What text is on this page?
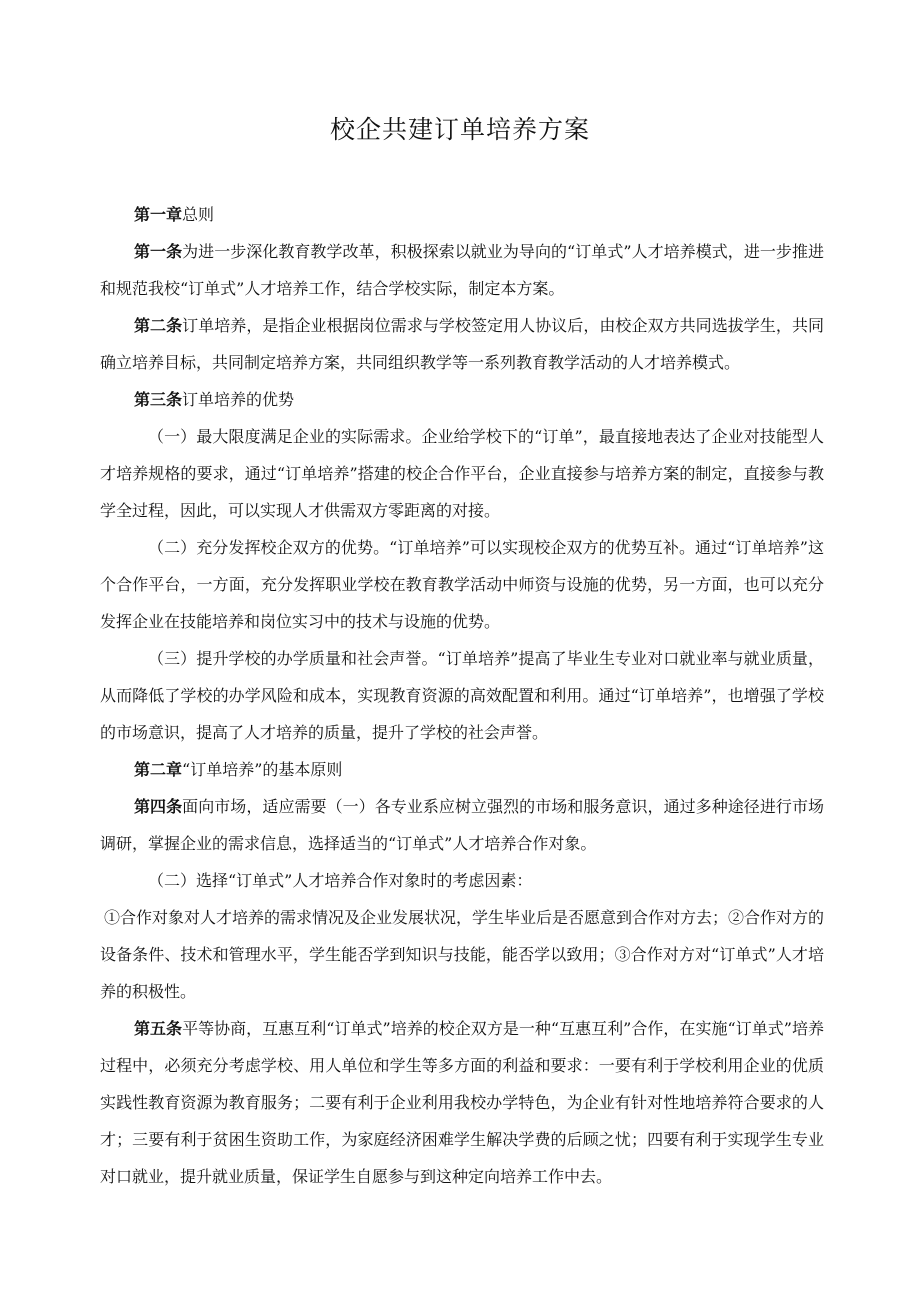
校企共建订单培养方案

第一章总则

第一条为进一步深化教育教学改革，积极探索以就业为导向的“订单式”人才培养模式，进一步推进和规范我校“订单式”人才培养工作，结合学校实际，制定本方案。

第二条订单培养，是指企业根据岗位需求与学校签定用人协议后，由校企双方共同选拔学生，共同确立培养目标，共同制定培养方案，共同组织教学等一系列教育教学活动的人才培养模式。

第三条订单培养的优势

（一）最大限度满足企业的实际需求。企业给学校下的“订单”，最直接地表达了企业对技能型人才培养规格的要求，通过“订单培养”搭建的校企合作平台，企业直接参与培养方案的制定，直接参与教学全过程，因此，可以实现人才供需双方零距离的对接。

（二）充分发挥校企双方的优势。“订单培养”可以实现校企双方的优势互补。通过“订单培养”这个合作平台，一方面，充分发挥职业学校在教育教学活动中师资与设施的优势，另一方面，也可以充分发挥企业在技能培养和岗位实习中的技术与设施的优势。

（三）提升学校的办学质量和社会声誉。“订单培养”提高了毕业生专业对口就业率与就业质量，从而降低了学校的办学风险和成本，实现教育资源的高效配置和利用。通过“订单培养”，也增强了学校的市场意识，提高了人才培养的质量，提升了学校的社会声誉。

第二章“订单培养”的基本原则

第四条面向市场，适应需要（一）各专业系应树立强烈的市场和服务意识，通过多种途径进行市场调研，掌握企业的需求信息，选择适当的“订单式”人才培养合作对象。

（二）选择“订单式”人才培养合作对象时的考虑因素：

①合作对象对人才培养的需求情况及企业发展状况，学生毕业后是否愿意到合作对方去；②合作对方的设备条件、技术和管理水平，学生能否学到知识与技能，能否学以致用；③合作对方对“订单式”人才培养的积极性。

第五条平等协商，互惠互利“订单式”培养的校企双方是一种“互惠互利”合作，在实施“订单式”培养过程中，必须充分考虑学校、用人单位和学生等多方面的利益和要求：一要有利于学校利用企业的优质实践性教育资源为教育服务；二要有利于企业利用我校办学特色，为企业有针对性地培养符合要求的人才；三要有利于贫困生资助工作，为家庭经济困难学生解决学费的后顾之忧；四要有利于实现学生专业对口就业，提升就业质量，保证学生自愿参与到这种定向培养工作中去。
